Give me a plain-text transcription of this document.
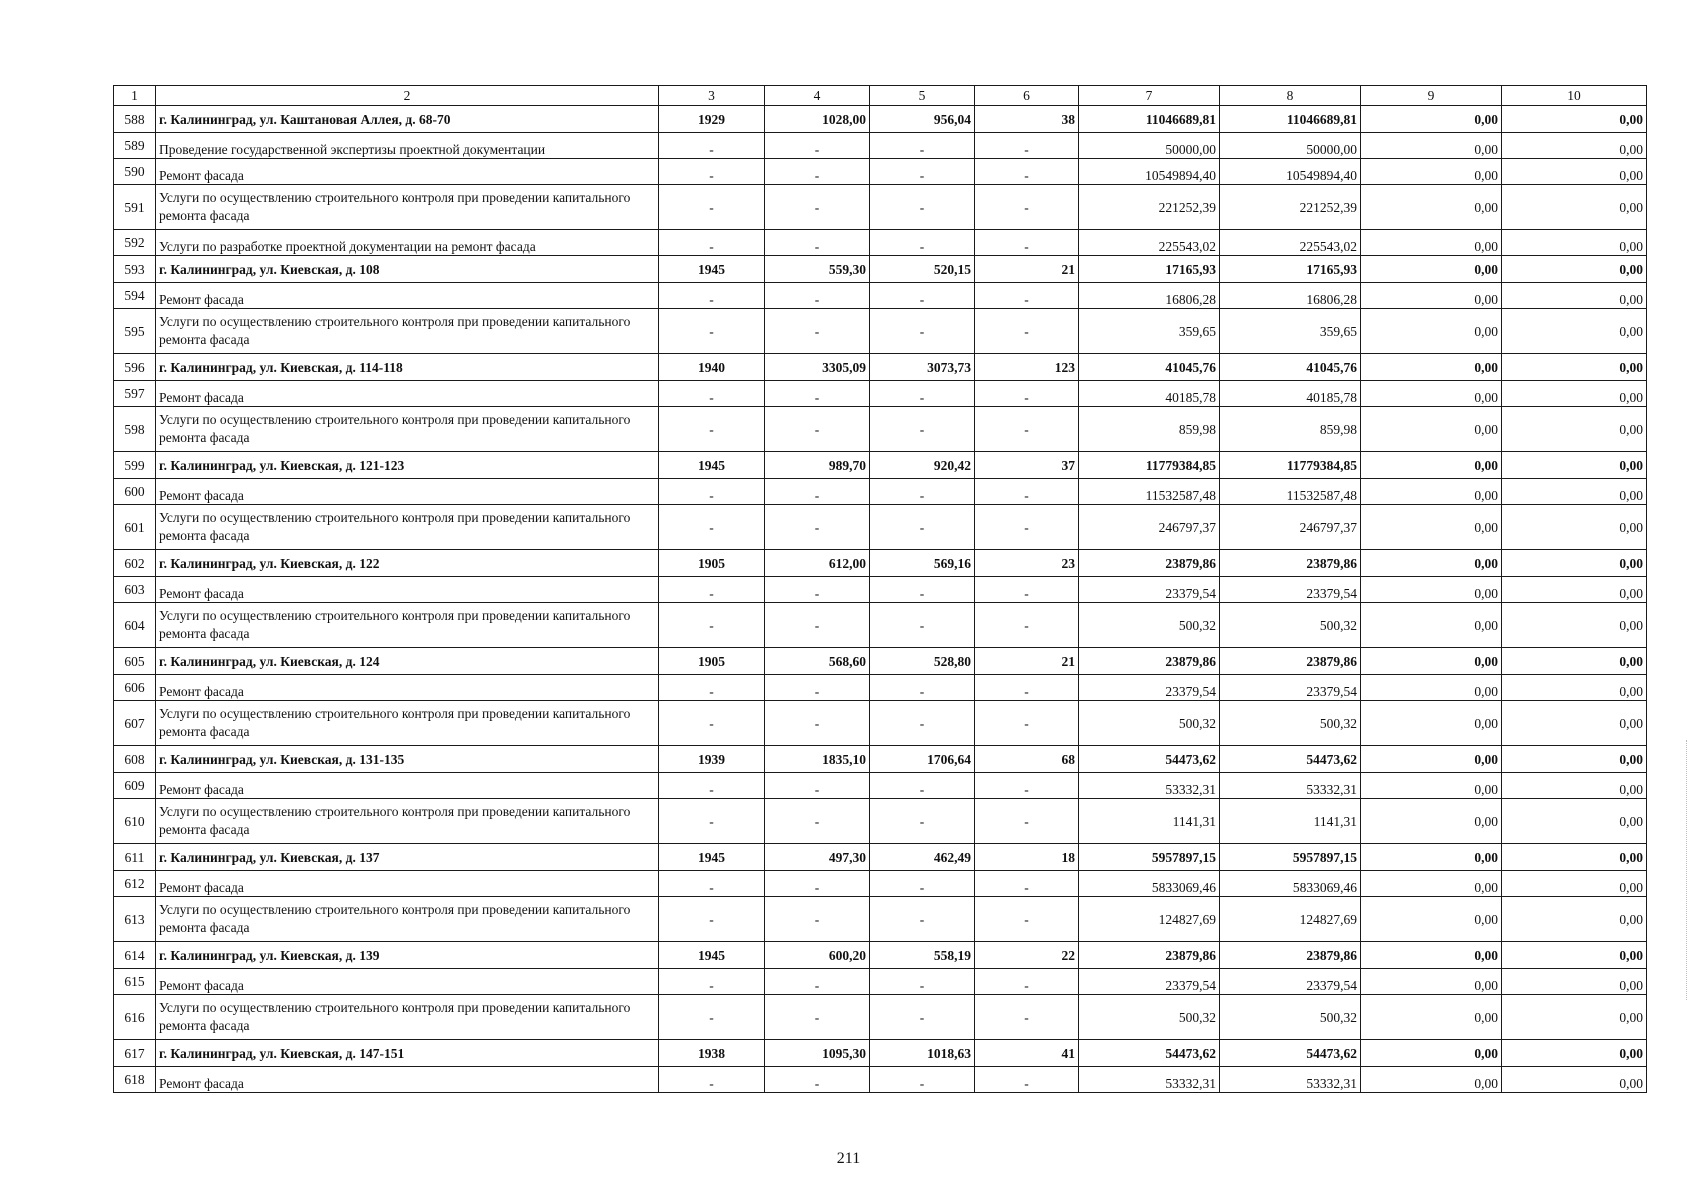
1	2	3	4	5	6	7	8	9	10
588	г. Калининград, ул. Каштановая Аллея, д. 68-70	1929	1028,00	956,04	38	11046689,81	11046689,81	0,00	0,00
589	Проведение государственной экспертизы проектной документации	-	-	-	-	50000,00	50000,00	0,00	0,00
590	Ремонт фасада	-	-	-	-	10549894,40	10549894,40	0,00	0,00
591	Услуги по осуществлению строительного контроля при проведении капитального ремонта фасада	-	-	-	-	221252,39	221252,39	0,00	0,00
592	Услуги по разработке проектной документации на ремонт фасада	-	-	-	-	225543,02	225543,02	0,00	0,00
593	г. Калининград, ул. Киевская, д. 108	1945	559,30	520,15	21	17165,93	17165,93	0,00	0,00
594	Ремонт фасада	-	-	-	-	16806,28	16806,28	0,00	0,00
595	Услуги по осуществлению строительного контроля при проведении капитального ремонта фасада	-	-	-	-	359,65	359,65	0,00	0,00
596	г. Калининград, ул. Киевская, д. 114-118	1940	3305,09	3073,73	123	41045,76	41045,76	0,00	0,00
597	Ремонт фасада	-	-	-	-	40185,78	40185,78	0,00	0,00
598	Услуги по осуществлению строительного контроля при проведении капитального ремонта фасада	-	-	-	-	859,98	859,98	0,00	0,00
599	г. Калининград, ул. Киевская, д. 121-123	1945	989,70	920,42	37	11779384,85	11779384,85	0,00	0,00
600	Ремонт фасада	-	-	-	-	11532587,48	11532587,48	0,00	0,00
601	Услуги по осуществлению строительного контроля при проведении капитального ремонта фасада	-	-	-	-	246797,37	246797,37	0,00	0,00
602	г. Калининград, ул. Киевская, д. 122	1905	612,00	569,16	23	23879,86	23879,86	0,00	0,00
603	Ремонт фасада	-	-	-	-	23379,54	23379,54	0,00	0,00
604	Услуги по осуществлению строительного контроля при проведении капитального ремонта фасада	-	-	-	-	500,32	500,32	0,00	0,00
605	г. Калининград, ул. Киевская, д. 124	1905	568,60	528,80	21	23879,86	23879,86	0,00	0,00
606	Ремонт фасада	-	-	-	-	23379,54	23379,54	0,00	0,00
607	Услуги по осуществлению строительного контроля при проведении капитального ремонта фасада	-	-	-	-	500,32	500,32	0,00	0,00
608	г. Калининград, ул. Киевская, д. 131-135	1939	1835,10	1706,64	68	54473,62	54473,62	0,00	0,00
609	Ремонт фасада	-	-	-	-	53332,31	53332,31	0,00	0,00
610	Услуги по осуществлению строительного контроля при проведении капитального ремонта фасада	-	-	-	-	1141,31	1141,31	0,00	0,00
611	г. Калининград, ул. Киевская, д. 137	1945	497,30	462,49	18	5957897,15	5957897,15	0,00	0,00
612	Ремонт фасада	-	-	-	-	5833069,46	5833069,46	0,00	0,00
613	Услуги по осуществлению строительного контроля при проведении капитального ремонта фасада	-	-	-	-	124827,69	124827,69	0,00	0,00
614	г. Калининград, ул. Киевская, д. 139	1945	600,20	558,19	22	23879,86	23879,86	0,00	0,00
615	Ремонт фасада	-	-	-	-	23379,54	23379,54	0,00	0,00
616	Услуги по осуществлению строительного контроля при проведении капитального ремонта фасада	-	-	-	-	500,32	500,32	0,00	0,00
617	г. Калининград, ул. Киевская, д. 147-151	1938	1095,30	1018,63	41	54473,62	54473,62	0,00	0,00
618	Ремонт фасада	-	-	-	-	53332,31	53332,31	0,00	0,00
211
